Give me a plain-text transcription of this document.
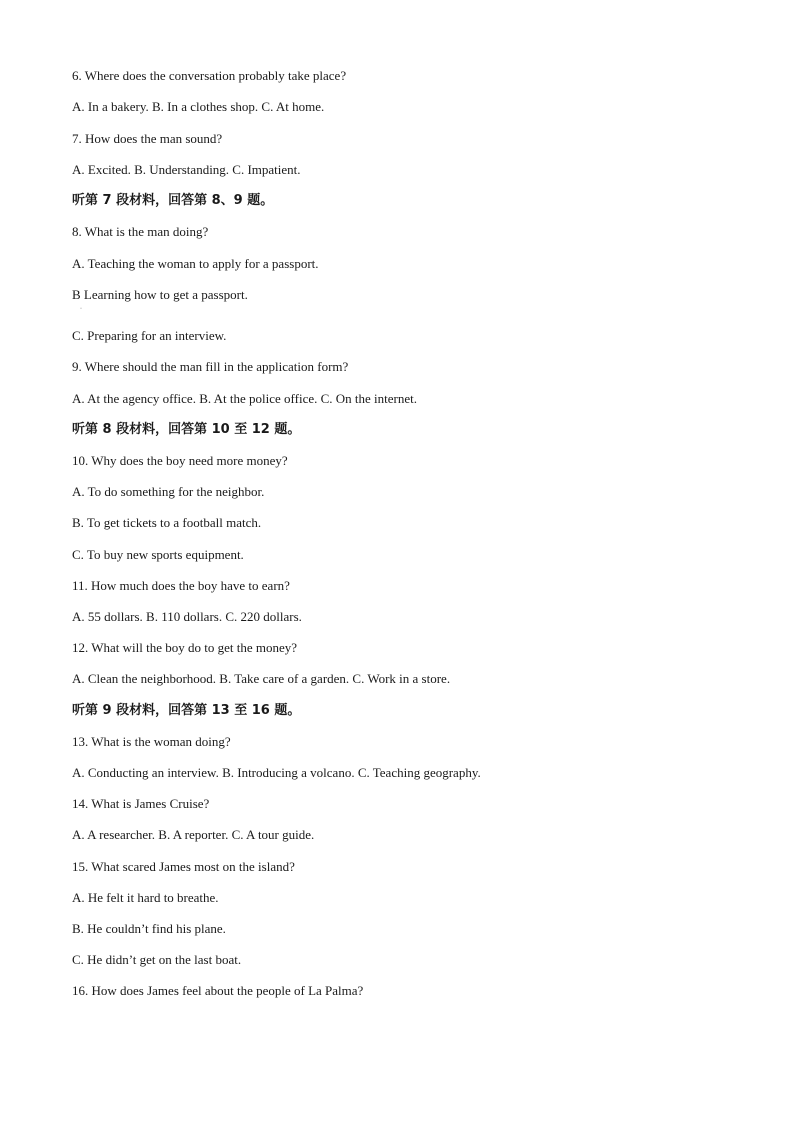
6. Where does the conversation probably take place?
A. In a bakery. B. In a clothes shop. C. At home.
7. How does the man sound?
A. Excited. B. Understanding. C. Impatient.
听第 7 段材料，回答第 8、9 题。
8. What is the man doing?
A. Teaching the woman to apply for a passport.
B Learning how to get a passport.
·
C. Preparing for an interview.
9. Where should the man fill in the application form?
A. At the agency office. B. At the police office. C. On the internet.
听第 8 段材料，回答第 10 至 12 题。
10. Why does the boy need more money?
A. To do something for the neighbor.
B. To get tickets to a football match.
C. To buy new sports equipment.
11. How much does the boy have to earn?
A. 55 dollars. B. 110 dollars. C. 220 dollars.
12. What will the boy do to get the money?
A. Clean the neighborhood. B. Take care of a garden. C. Work in a store.
听第 9 段材料，回答第 13 至 16 题。
13. What is the woman doing?
A. Conducting an interview. B. Introducing a volcano. C. Teaching geography.
14. What is James Cruise?
A. A researcher. B. A reporter. C. A tour guide.
15. What scared James most on the island?
A. He felt it hard to breathe.
B. He couldn’t find his plane.
C. He didn’t get on the last boat.
16. How does James feel about the people of La Palma?
